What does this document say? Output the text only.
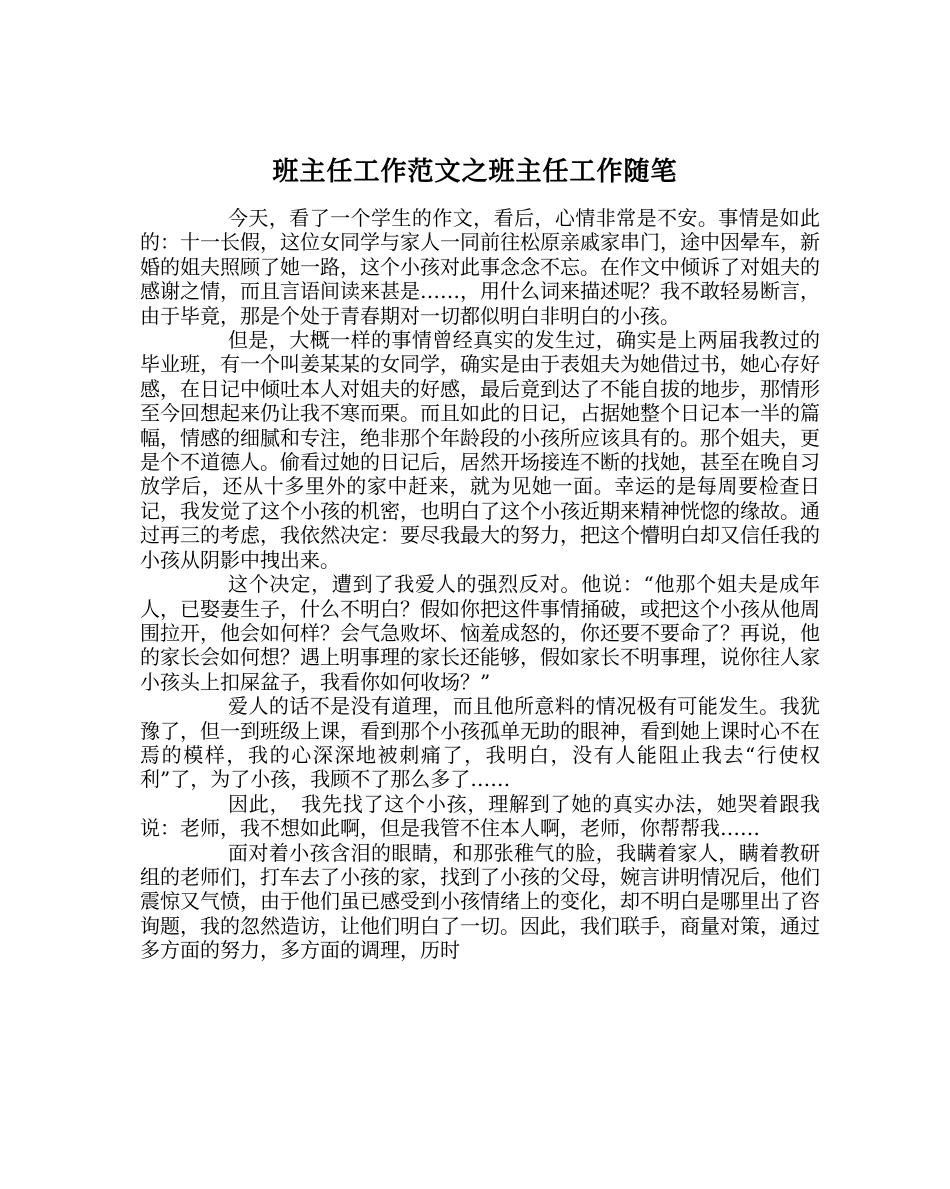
班主任工作范文之班主任工作随笔

今天，看了一个学生的作文，看后，心情非常是不安。事情是如此的：十一长假，这位女同学与家人一同前往松原亲戚家串门，途中因晕车，新婚的姐夫照顾了她一路，这个小孩对此事念念不忘。在作文中倾诉了对姐夫的感谢之情，而且言语间读来甚是……，用什么词来描述呢？我不敢轻易断言，由于毕竟，那是个处于青春期对一切都似明白非明白的小孩。

但是，大概一样的事情曾经真实的发生过，确实是上两届我教过的毕业班，有一个叫姜某某的女同学，确实是由于表姐夫为她借过书，她心存好感，在日记中倾吐本人对姐夫的好感，最后竟到达了不能自拔的地步，那情形至今回想起来仍让我不寒而栗。而且如此的日记，占据她整个日记本一半的篇幅，情感的细腻和专注，绝非那个年龄段的小孩所应该具有的。那个姐夫，更是个不道德人。偷看过她的日记后，居然开场接连不断的找她，甚至在晚自习放学后，还从十多里外的家中赶来，就为见她一面。幸运的是每周要检查日记，我发觉了这个小孩的机密，也明白了这个小孩近期来精神恍惚的缘故。通过再三的考虑，我依然决定：要尽我最大的努力，把这个懵明白却又信任我的小孩从阴影中拽出来。

这个决定，遭到了我爱人的强烈反对。他说：“他那个姐夫是成年人，已娶妻生子，什么不明白？假如你把这件事情捅破，或把这个小孩从他周围拉开，他会如何样？会气急败坏、恼羞成怒的，你还要不要命了？再说，他的家长会如何想？遇上明事理的家长还能够，假如家长不明事理，说你往人家小孩头上扣屎盆子，我看你如何收场？”

爱人的话不是没有道理，而且他所意料的情况极有可能发生。我犹豫了，但一到班级上课，看到那个小孩孤单无助的眼神，看到她上课时心不在焉的模样，我的心深深地被刺痛了，我明白，没有人能阻止我去“行使权利”了，为了小孩，我顾不了那么多了……

因此，　我先找了这个小孩，理解到了她的真实办法，她哭着跟我说：老师，我不想如此啊，但是我管不住本人啊，老师，你帮帮我……

面对着小孩含泪的眼睛，和那张稚气的脸，我瞒着家人，瞒着教研组的老师们，打车去了小孩的家，找到了小孩的父母，婉言讲明情况后，他们震惊又气愤，由于他们虽已感受到小孩情绪上的变化，却不明白是哪里出了咨询题，我的忽然造访，让他们明白了一切。因此，我们联手，商量对策，通过多方面的努力，多方面的调理，历时
